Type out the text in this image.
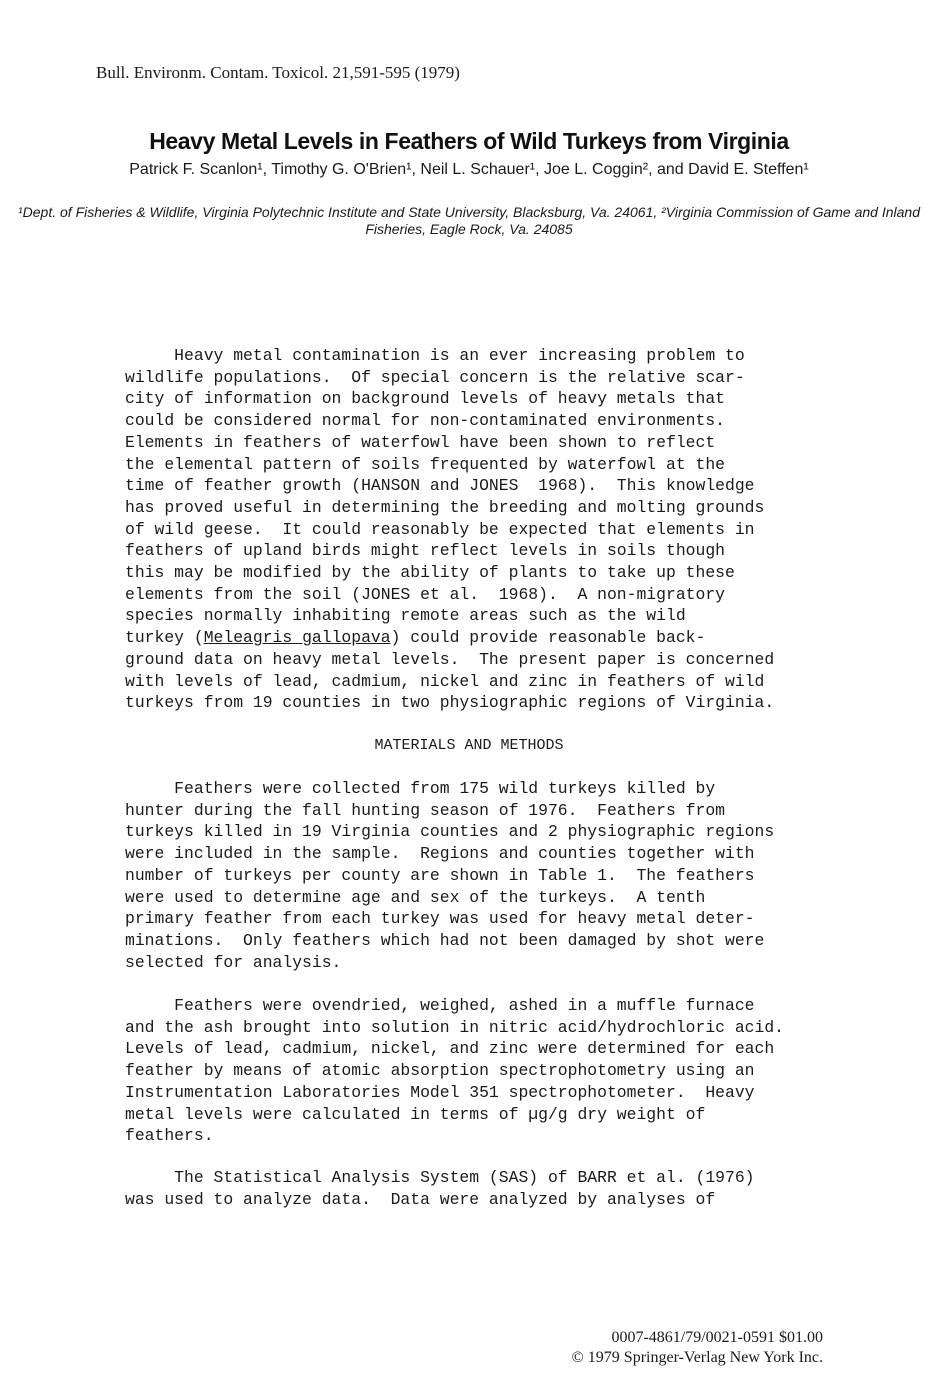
Bull. Environm. Contam. Toxicol. 21,591-595 (1979)
Heavy Metal Levels in Feathers of Wild Turkeys from Virginia
Patrick F. Scanlon¹, Timothy G. O'Brien¹, Neil L. Schauer¹, Joe L. Coggin², and David E. Steffen¹
¹Dept. of Fisheries & Wildlife, Virginia Polytechnic Institute and State University, Blacksburg, Va. 24061, ²Virginia Commission of Game and Inland Fisheries, Eagle Rock, Va. 24085
Heavy metal contamination is an ever increasing problem to
wildlife populations.  Of special concern is the relative scar-
city of information on background levels of heavy metals that
could be considered normal for non-contaminated environments.
Elements in feathers of waterfowl have been shown to reflect
the elemental pattern of soils frequented by waterfowl at the
time of feather growth (HANSON and JONES  1968).  This knowledge
has proved useful in determining the breeding and molting grounds
of wild geese.  It could reasonably be expected that elements in
feathers of upland birds might reflect levels in soils though
this may be modified by the ability of plants to take up these
elements from the soil (JONES et al.  1968).  A non-migratory
species normally inhabiting remote areas such as the wild
turkey (Meleagris gallopava) could provide reasonable back-
ground data on heavy metal levels.  The present paper is concerned
with levels of lead, cadmium, nickel and zinc in feathers of wild
turkeys from 19 counties in two physiographic regions of Virginia.
MATERIALS AND METHODS
Feathers were collected from 175 wild turkeys killed by
hunter during the fall hunting season of 1976.  Feathers from
turkeys killed in 19 Virginia counties and 2 physiographic regions
were included in the sample.  Regions and counties together with
number of turkeys per county are shown in Table 1.  The feathers
were used to determine age and sex of the turkeys.  A tenth
primary feather from each turkey was used for heavy metal deter-
minations.  Only feathers which had not been damaged by shot were
selected for analysis.
Feathers were ovendried, weighed, ashed in a muffle furnace
and the ash brought into solution in nitric acid/hydrochloric acid.
Levels of lead, cadmium, nickel, and zinc were determined for each
feather by means of atomic absorption spectrophotometry using an
Instrumentation Laboratories Model 351 spectrophotometer.  Heavy
metal levels were calculated in terms of µg/g dry weight of
feathers.
The Statistical Analysis System (SAS) of BARR et al. (1976)
was used to analyze data.  Data were analyzed by analyses of
0007-4861/79/0021-0591 $01.00
© 1979 Springer-Verlag New York Inc.
